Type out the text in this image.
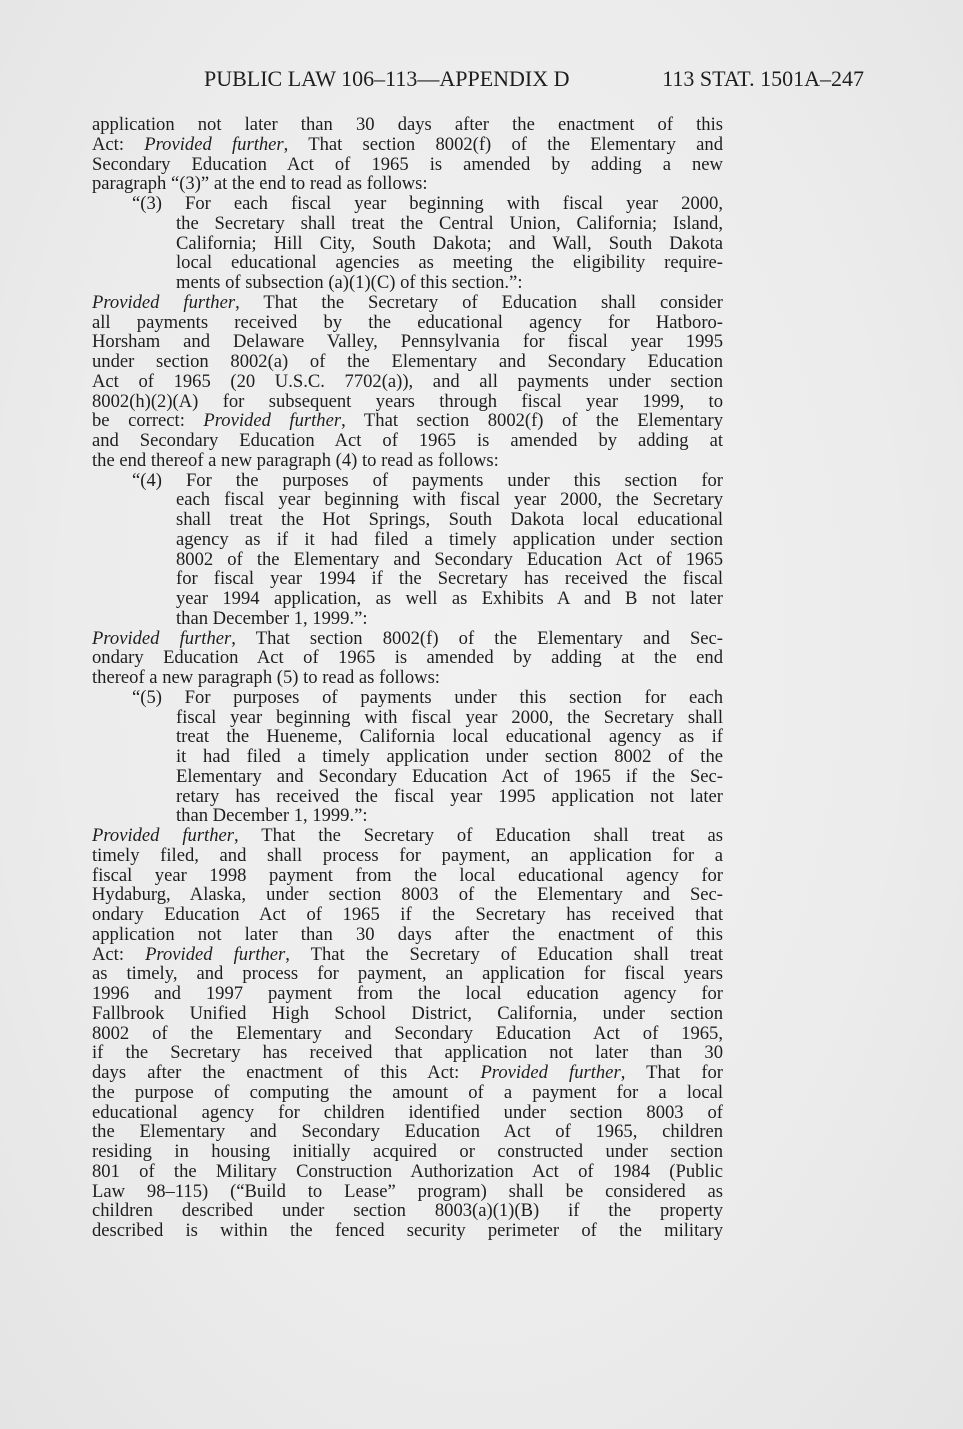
PUBLIC LAW 106–113—APPENDIX D	113 STAT. 1501A–247
application not later than 30 days after the enactment of this
Act: Provided further, That section 8002(f) of the Elementary and
Secondary Education Act of 1965 is amended by adding a new
paragraph “(3)” at the end to read as follows:
“(3) For each fiscal year beginning with fiscal year 2000,
the Secretary shall treat the Central Union, California; Island,
California; Hill City, South Dakota; and Wall, South Dakota
local educational agencies as meeting the eligibility require-
ments of subsection (a)(1)(C) of this section.”:
Provided further, That the Secretary of Education shall consider
all payments received by the educational agency for Hatboro-
Horsham and Delaware Valley, Pennsylvania for fiscal year 1995
under section 8002(a) of the Elementary and Secondary Education
Act of 1965 (20 U.S.C. 7702(a)), and all payments under section
8002(h)(2)(A) for subsequent years through fiscal year 1999, to
be correct: Provided further, That section 8002(f) of the Elementary
and Secondary Education Act of 1965 is amended by adding at
the end thereof a new paragraph (4) to read as follows:
“(4) For the purposes of payments under this section for
each fiscal year beginning with fiscal year 2000, the Secretary
shall treat the Hot Springs, South Dakota local educational
agency as if it had filed a timely application under section
8002 of the Elementary and Secondary Education Act of 1965
for fiscal year 1994 if the Secretary has received the fiscal
year 1994 application, as well as Exhibits A and B not later
than December 1, 1999.”:
Provided further, That section 8002(f) of the Elementary and Sec-
ondary Education Act of 1965 is amended by adding at the end
thereof a new paragraph (5) to read as follows:
“(5) For purposes of payments under this section for each
fiscal year beginning with fiscal year 2000, the Secretary shall
treat the Hueneme, California local educational agency as if
it had filed a timely application under section 8002 of the
Elementary and Secondary Education Act of 1965 if the Sec-
retary has received the fiscal year 1995 application not later
than December 1, 1999.”:
Provided further, That the Secretary of Education shall treat as
timely filed, and shall process for payment, an application for a
fiscal year 1998 payment from the local educational agency for
Hydaburg, Alaska, under section 8003 of the Elementary and Sec-
ondary Education Act of 1965 if the Secretary has received that
application not later than 30 days after the enactment of this
Act: Provided further, That the Secretary of Education shall treat
as timely, and process for payment, an application for fiscal years
1996 and 1997 payment from the local education agency for
Fallbrook Unified High School District, California, under section
8002 of the Elementary and Secondary Education Act of 1965,
if the Secretary has received that application not later than 30
days after the enactment of this Act: Provided further, That for
the purpose of computing the amount of a payment for a local
educational agency for children identified under section 8003 of
the Elementary and Secondary Education Act of 1965, children
residing in housing initially acquired or constructed under section
801 of the Military Construction Authorization Act of 1984 (Public
Law 98–115) (“Build to Lease” program) shall be considered as
children described under section 8003(a)(1)(B) if the property
described is within the fenced security perimeter of the military
